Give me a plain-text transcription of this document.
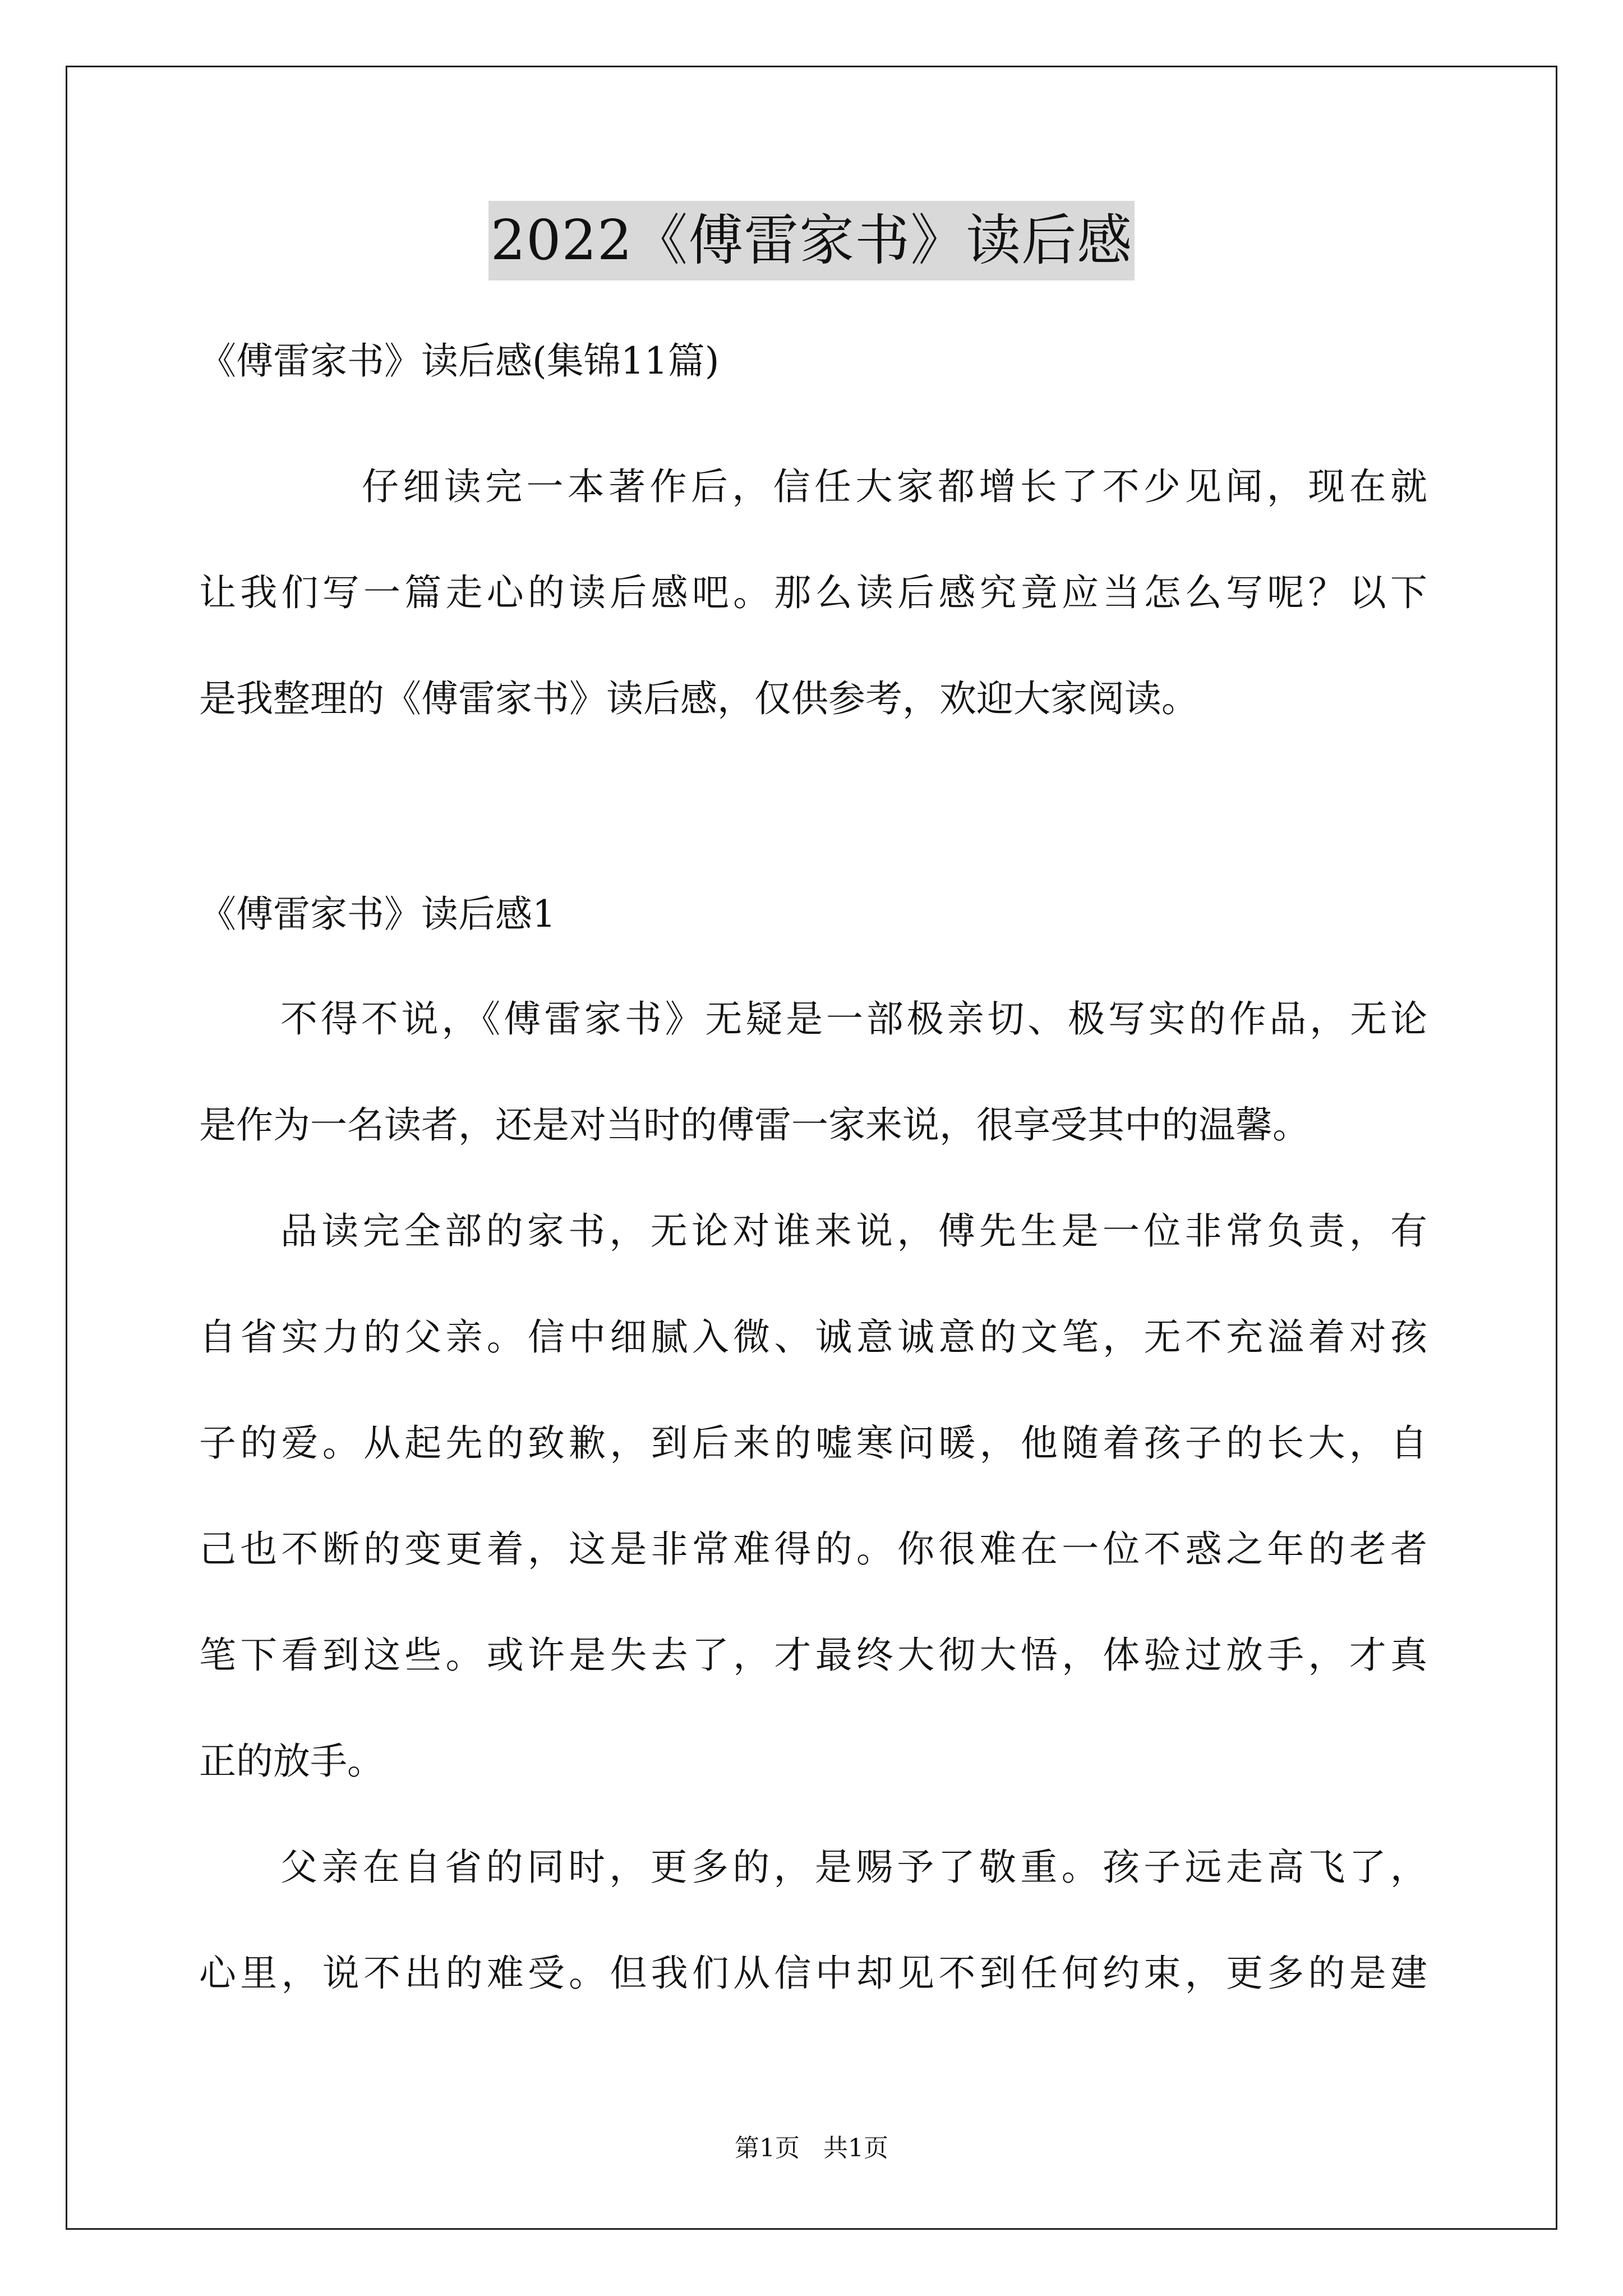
2022《傅雷家书》读后感
《傅雷家书》读后感(集锦11篇)
仔细读完一本著作后，信任大家都增长了不少见闻，现在就
让我们写一篇走心的读后感吧。那么读后感究竟应当怎么写呢？以下
是我整理的《傅雷家书》读后感，仅供参考，欢迎大家阅读。
《傅雷家书》读后感1
不得不说，《傅雷家书》无疑是一部极亲切、极写实的作品，无论
是作为一名读者，还是对当时的傅雷一家来说，很享受其中的温馨。
品读完全部的家书，无论对谁来说，傅先生是一位非常负责，有
自省实力的父亲。信中细腻入微、诚意诚意的文笔，无不充溢着对孩
子的爱。从起先的致歉，到后来的嘘寒问暖，他随着孩子的长大，自
己也不断的变更着，这是非常难得的。你很难在一位不惑之年的老者
笔下看到这些。或许是失去了，才最终大彻大悟，体验过放手，才真
正的放手。
父亲在自省的同时，更多的，是赐予了敬重。孩子远走高飞了，
心里，说不出的难受。但我们从信中却见不到任何约束，更多的是建
第1页   共1页
